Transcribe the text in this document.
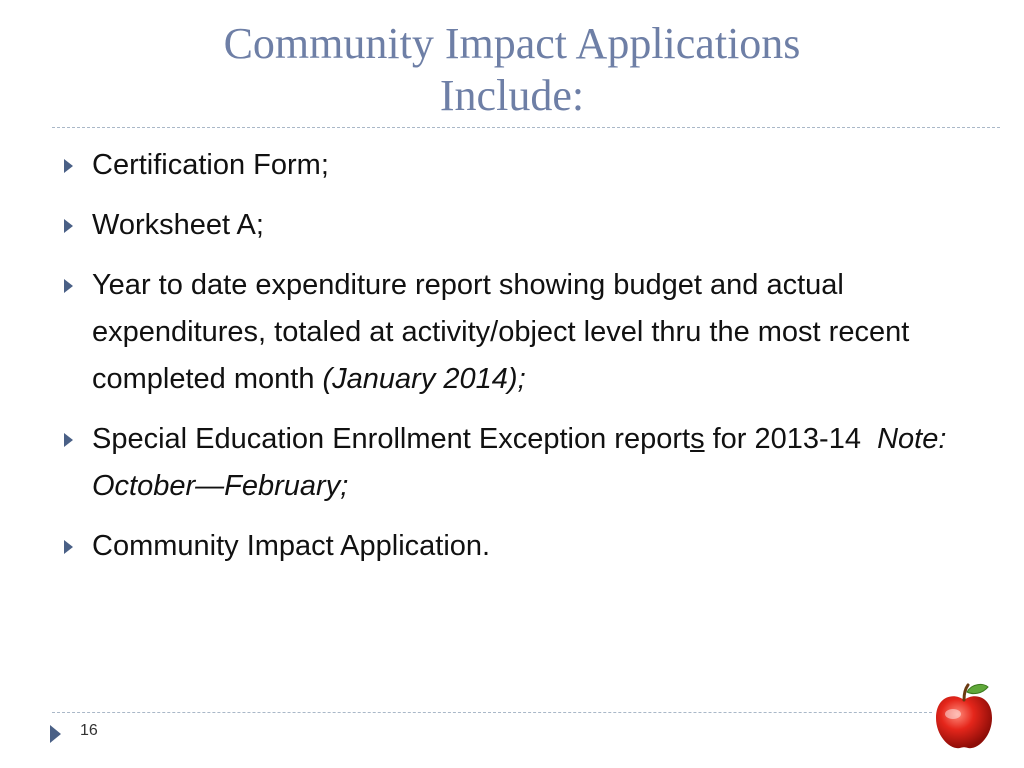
Community Impact Applications
Include:
Certification Form;
Worksheet A;
Year to date expenditure report showing budget and actual expenditures, totaled at activity/object level thru the most recent completed month (January 2014);
Special Education Enrollment Exception reports for 2013-14  Note: October—February;
Community Impact Application.
16
